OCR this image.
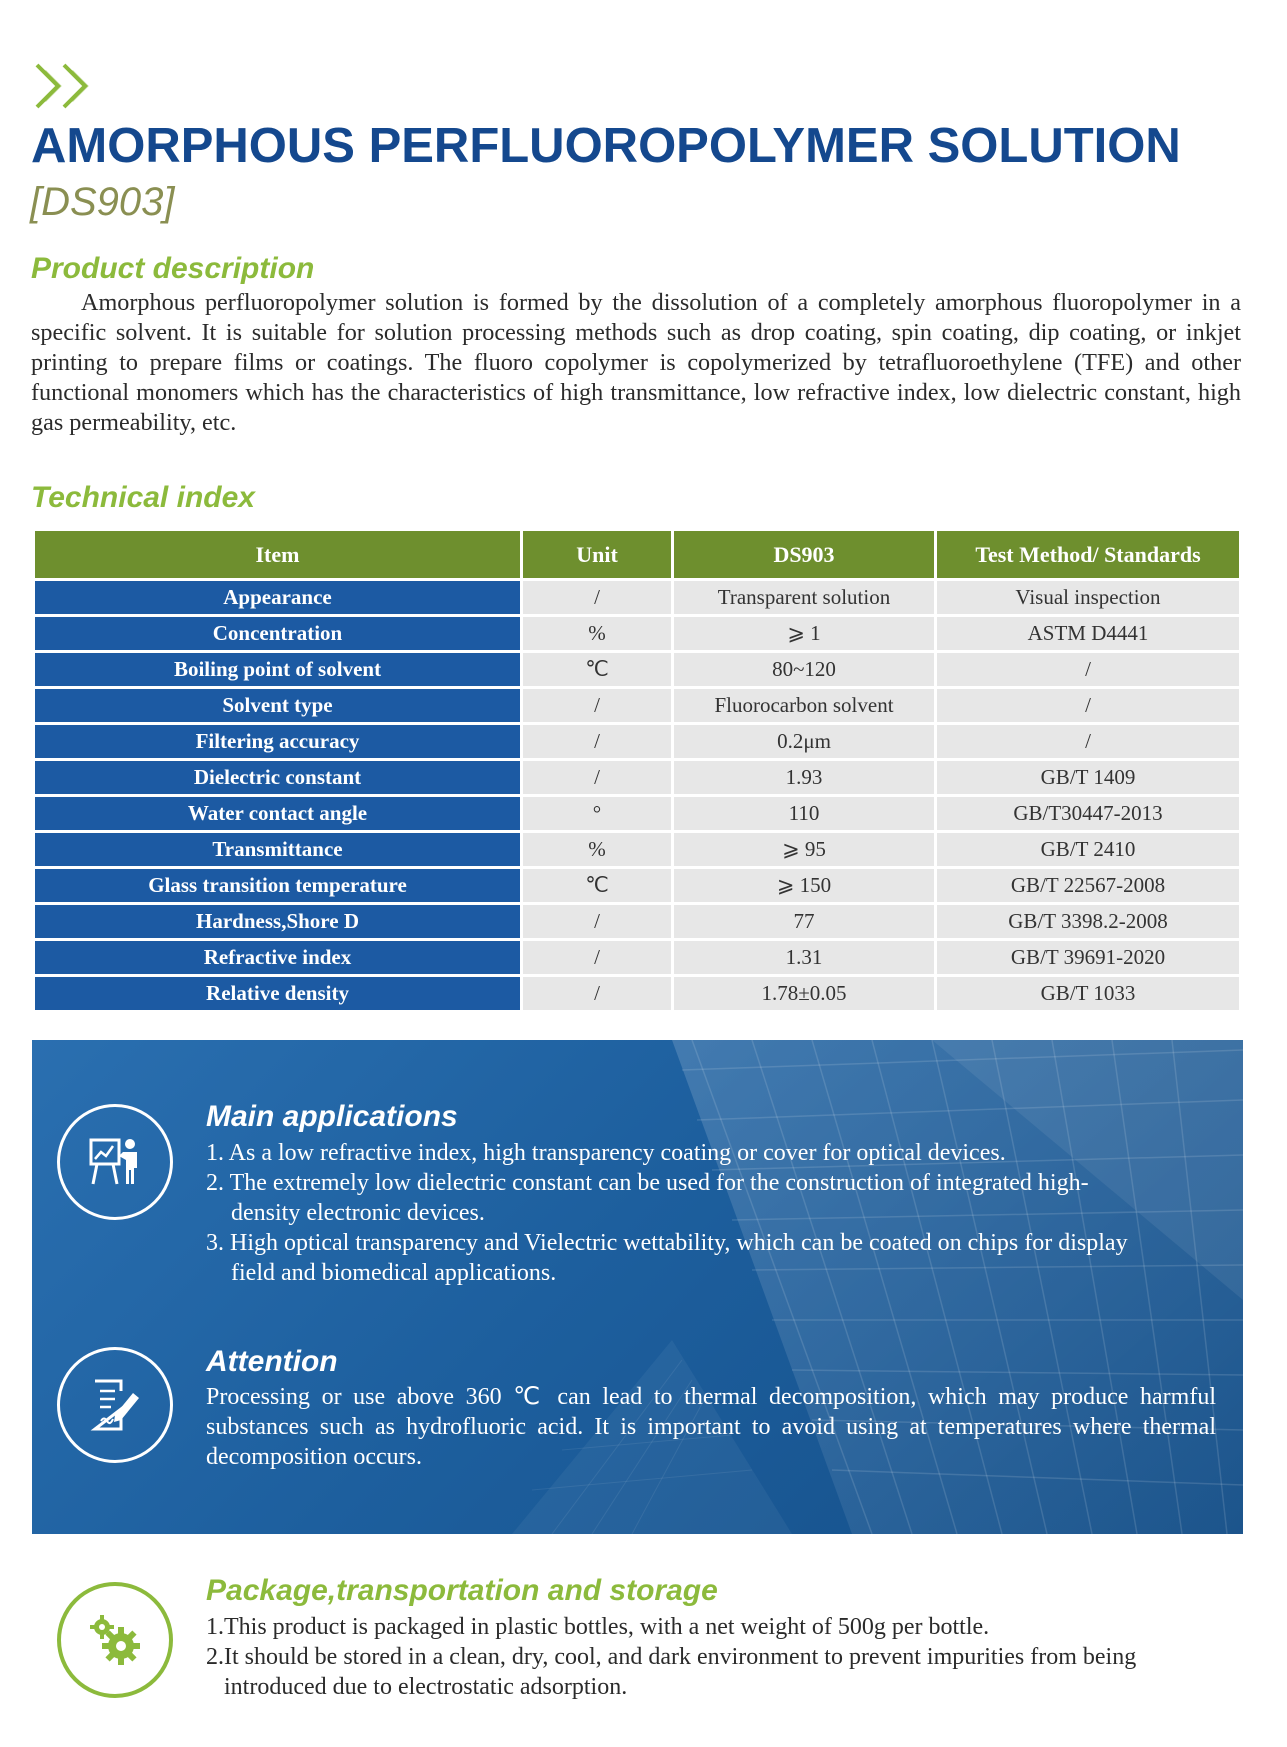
AMORPHOUS PERFLUOROPOLYMER SOLUTION
[DS903]
Product description
Amorphous perfluoropolymer solution is formed by the dissolution of a completely amorphous fluoropolymer in a specific solvent. It is suitable for solution processing methods such as drop coating, spin coating, dip coating, or inkjet printing to prepare films or coatings. The fluoro copolymer is copolymerized by tetrafluoroethylene (TFE) and other functional monomers which has the characteristics of high transmittance, low refractive index, low dielectric constant, high gas permeability, etc.
Technical index
Item	Unit	DS903	Test Method/ Standards
Appearance	/	Transparent solution	Visual inspection
Concentration	%	⩾ 1	ASTM D4441
Boiling point of solvent	℃	80~120	/
Solvent type	/	Fluorocarbon solvent	/
Filtering accuracy	/	0.2μm	/
Dielectric constant	/	1.93	GB/T 1409
Water contact angle	°	110	GB/T30447-2013
Transmittance	%	⩾ 95	GB/T 2410
Glass transition temperature	℃	⩾ 150	GB/T 22567-2008
Hardness,Shore D	/	77	GB/T 3398.2-2008
Refractive index	/	1.31	GB/T 39691-2020
Relative density	/	1.78±0.05	GB/T 1033
Main applications
1. As a low refractive index, high transparency coating or cover for optical devices.
2. The extremely low dielectric constant can be used for the construction of integrated high-density electronic devices.
3. High optical transparency and Vielectric wettability, which can be coated on chips for display field and biomedical applications.
Attention
Processing or use above 360 ℃ can lead to thermal decomposition, which may produce harmful substances such as hydrofluoric acid. It is important to avoid using at temperatures where thermal decomposition occurs.
Package,transportation and storage
1.This product is packaged in plastic bottles, with a net weight of 500g per bottle.
2.It should be stored in a clean, dry, cool, and dark environment to prevent impurities from being introduced due to electrostatic adsorption.
